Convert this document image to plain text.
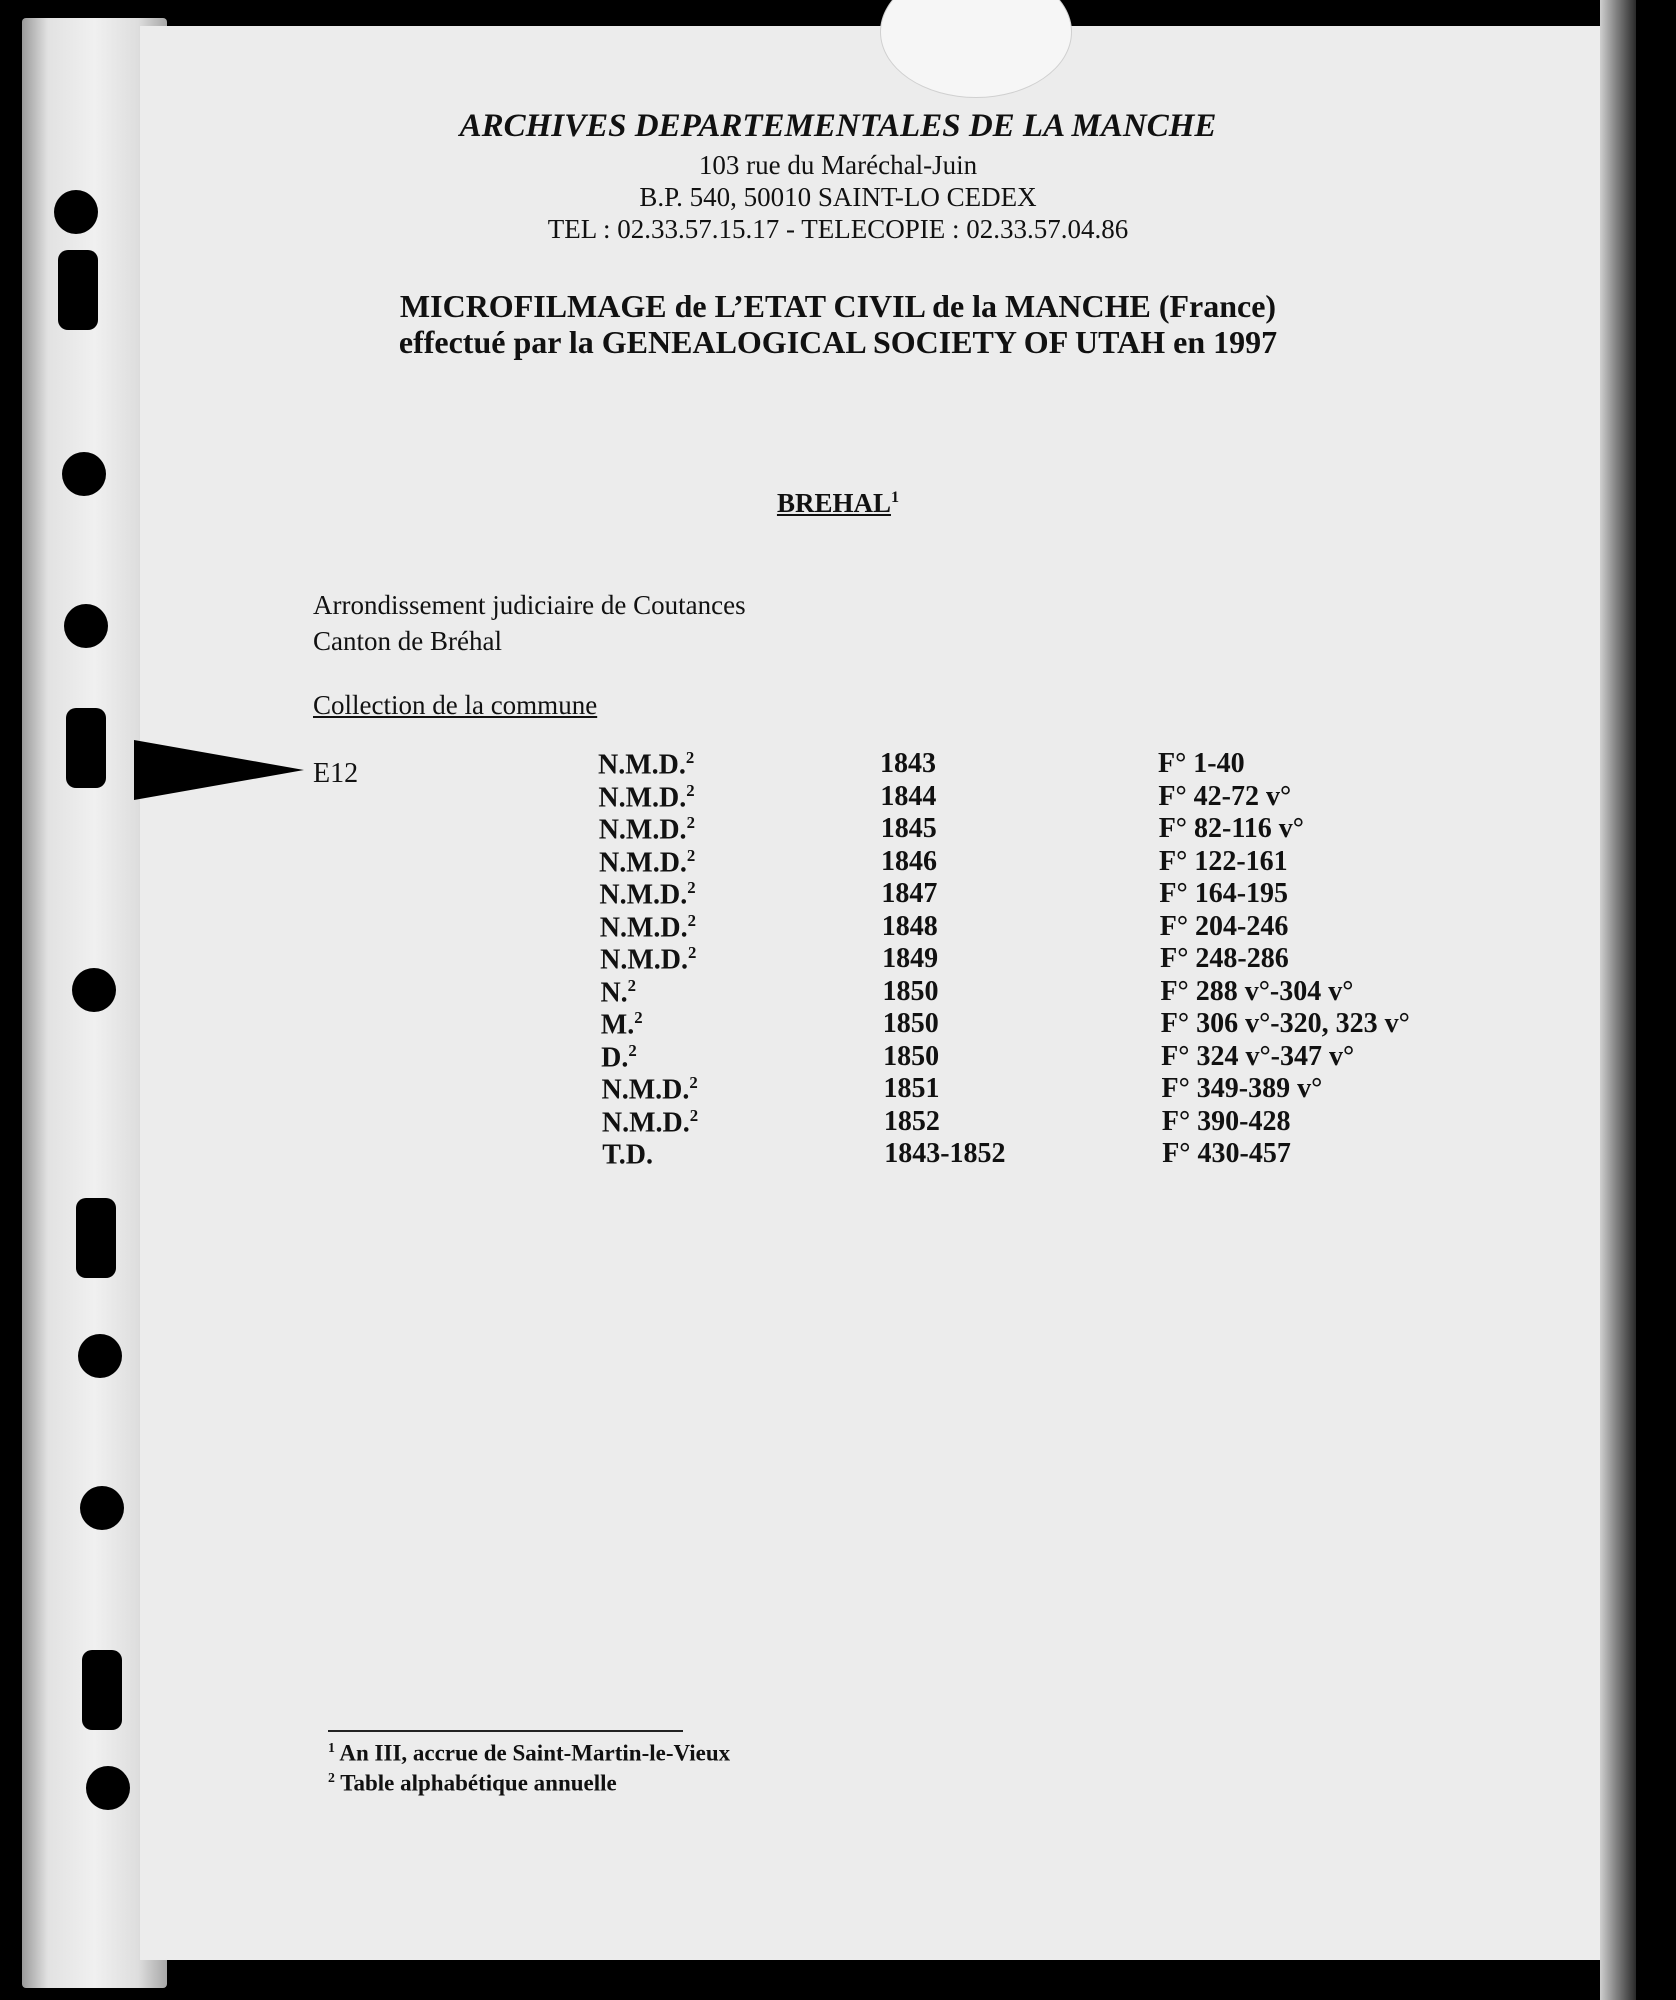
ARCHIVES DEPARTEMENTALES DE LA MANCHE
103 rue du Maréchal-Juin
B.P. 540, 50010 SAINT-LO CEDEX
TEL : 02.33.57.15.17 - TELECOPIE : 02.33.57.04.86
MICROFILMAGE de L’ETAT CIVIL de la MANCHE (France)
effectué par la GENEALOGICAL SOCIETY OF UTAH en 1997
BREHAL$^1$
Arrondissement judiciaire de Coutances
Canton de Bréhal
Collection de la commune
E12	N.M.D.$^2$	1843	F° 1-40
N.M.D.$^2$	1844	F° 42-72 v°
N.M.D.$^2$	1845	F° 82-116 v°
N.M.D.$^2$	1846	F° 122-161
N.M.D.$^2$	1847	F° 164-195
N.M.D.$^2$	1848	F° 204-246
N.M.D.$^2$	1849	F° 248-286
N.$^2$	1850	F° 288 v°-304 v°
M.$^2$	1850	F° 306 v°-320, 323 v°
D.$^2$	1850	F° 324 v°-347 v°
N.M.D.$^2$	1851	F° 349-389 v°
N.M.D.$^2$	1852	F° 390-428
T.D.	1843-1852	F° 430-457
$^1$ An III, accrue de Saint-Martin-le-Vieux
$^2$ Table alphabétique annuelle
